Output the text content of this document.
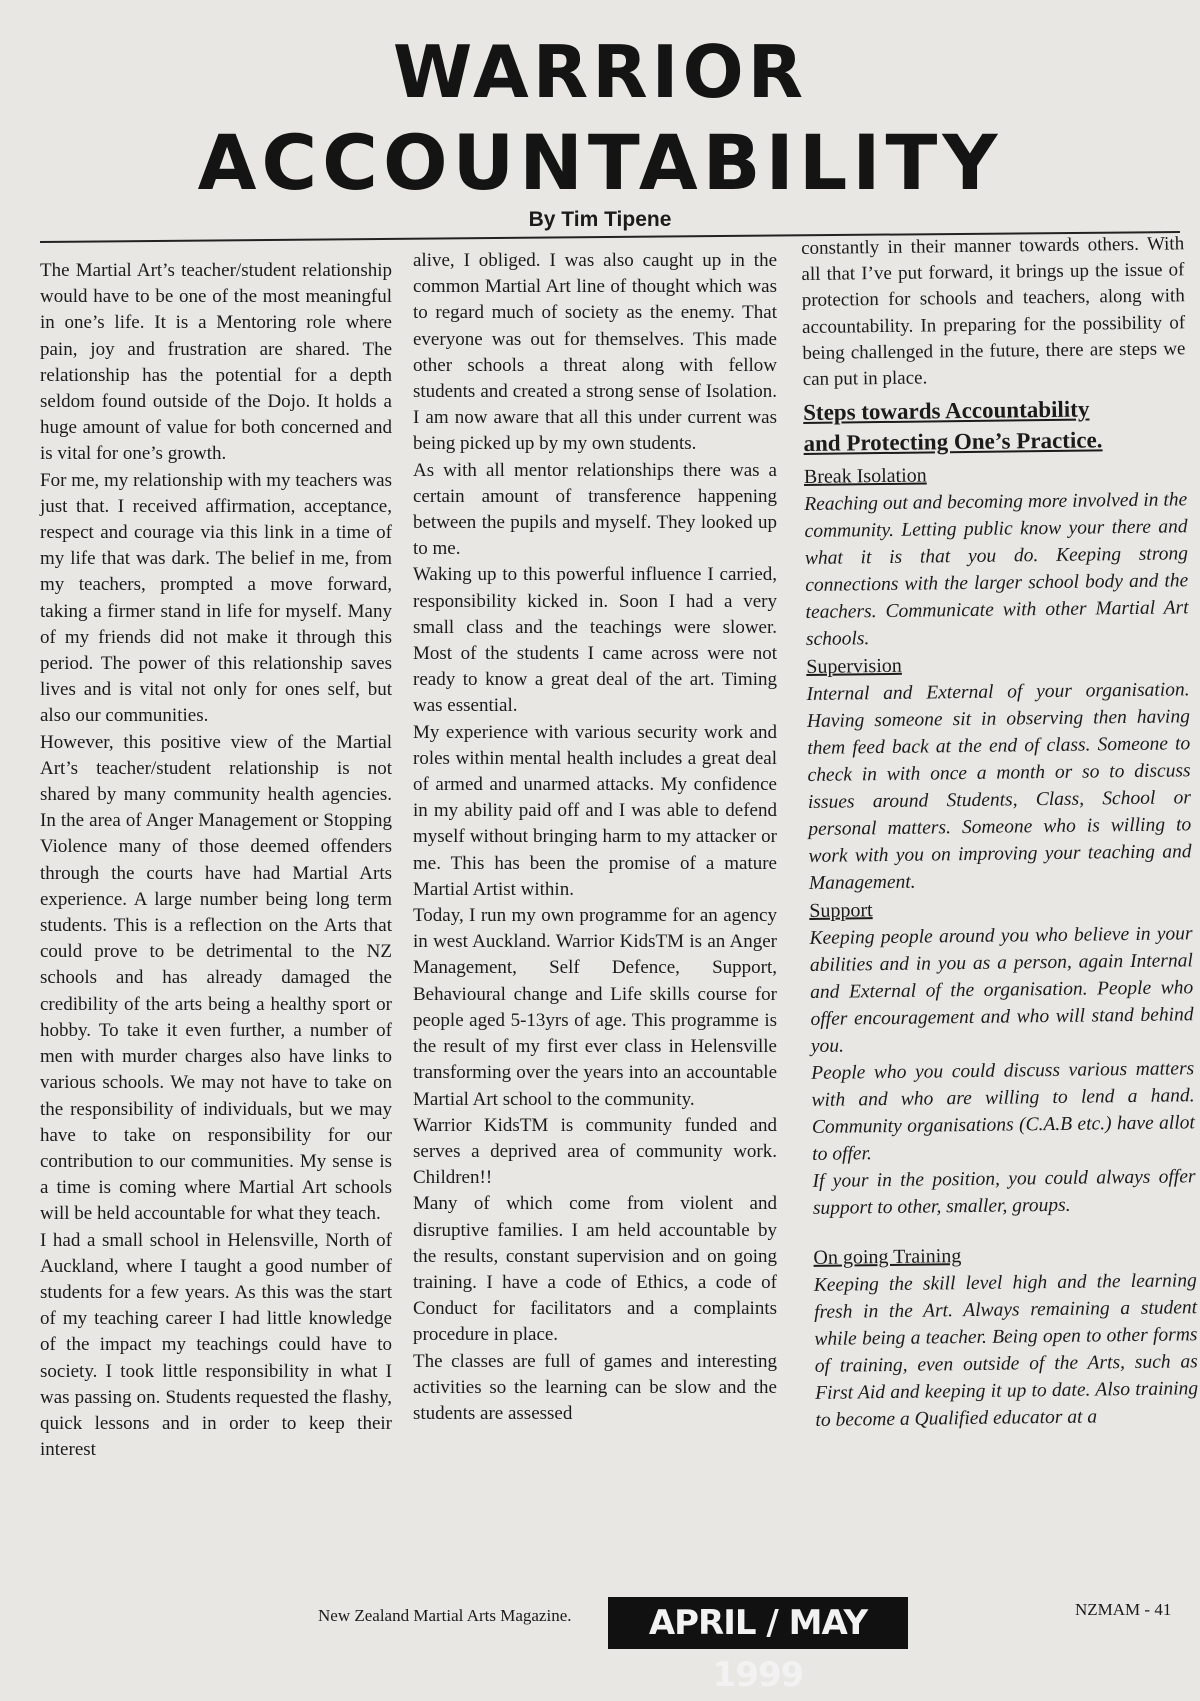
WARRIOR
ACCOUNTABILITY
By Tim Tipene

The Martial Art’s teacher/student relationship would have to be one of the most meaningful in one’s life. It is a Mentoring role where pain, joy and frustration are shared. The relationship has the potential for a depth seldom found outside of the Dojo. It holds a huge amount of value for both concerned and is vital for one’s growth.

For me, my relationship with my teachers was just that. I received affirmation, acceptance, respect and courage via this link in a time of my life that was dark. The belief in me, from my teachers, prompted a move forward, taking a firmer stand in life for myself. Many of my friends did not make it through this period. The power of this relationship saves lives and is vital not only for ones self, but also our communities.

However, this positive view of the Martial Art’s teacher/student relationship is not shared by many community health agencies. In the area of Anger Management or Stopping Violence many of those deemed offenders through the courts have had Martial Arts experience. A large number being long term students. This is a reflection on the Arts that could prove to be detrimental to the NZ schools and has already damaged the credibility of the arts being a healthy sport or hobby. To take it even further, a number of men with murder charges also have links to various schools. We may not have to take on the responsibility of individuals, but we may have to take on responsibility for our contribution to our communities. My sense is a time is coming where Martial Art schools will be held accountable for what they teach.

I had a small school in Helensville, North of Auckland, where I taught a good number of students for a few years. As this was the start of my teaching career I had little knowledge of the impact my teachings could have to society. I took little responsibility in what I was passing on. Students requested the flashy, quick lessons and in order to keep their interest

alive, I obliged. I was also caught up in the common Martial Art line of thought which was to regard much of society as the enemy. That everyone was out for themselves. This made other schools a threat along with fellow students and created a strong sense of Isolation. I am now aware that all this under current was being picked up by my own students.

As with all mentor relationships there was a certain amount of transference happening between the pupils and myself. They looked up to me.

Waking up to this powerful influence I carried, responsibility kicked in. Soon I had a very small class and the teachings were slower. Most of the students I came across were not ready to know a great deal of the art. Timing was essential.

My experience with various security work and roles within mental health includes a great deal of armed and unarmed attacks. My confidence in my ability paid off and I was able to defend myself without bringing harm to my attacker or me. This has been the promise of a mature Martial Artist within.

Today, I run my own programme for an agency in west Auckland. Warrior KidsTM is an Anger Management, Self Defence, Support, Behavioural change and Life skills course for people aged 5-13yrs of age. This programme is the result of my first ever class in Helensville transforming over the years into an accountable Martial Art school to the community.

Warrior KidsTM is community funded and serves a deprived area of community work. Children!!

Many of which come from violent and disruptive families. I am held accountable by the results, constant supervision and on going training. I have a code of Ethics, a code of Conduct for facilitators and a complaints procedure in place.

The classes are full of games and interesting activities so the learning can be slow and the students are assessed

constantly in their manner towards others. With all that I’ve put forward, it brings up the issue of protection for schools and teachers, along with accountability. In preparing for the possibility of being challenged in the future, there are steps we can put in place.

Steps towards Accountability
and Protecting One’s Practice.
Break Isolation

Reaching out and becoming more involved in the community. Letting public know your there and what it is that you do. Keeping strong connections with the larger school body and the teachers. Communicate with other Martial Art schools.

Supervision

Internal and External of your organisation. Having someone sit in observing then having them feed back at the end of class. Someone to check in with once a month or so to discuss issues around Students, Class, School or personal matters. Someone who is willing to work with you on improving your teaching and Management.

Support

Keeping people around you who believe in your abilities and in you as a person, again Internal and External of the organisation. People who offer encouragement and who will stand behind you.

People who you could discuss various matters with and who are willing to lend a hand. Community organisations (C.A.B etc.) have allot to offer.

If your in the position, you could always offer support to other, smaller, groups.

On going Training

Keeping the skill level high and the learning fresh in the Art. Always remaining a student while being a teacher. Being open to other forms of training, even outside of the Arts, such as First Aid and keeping it up to date. Also training to become a Qualified educator at a

New Zealand Martial Arts Magazine.	APRIL / MAY 1999
NZMAM - 41
